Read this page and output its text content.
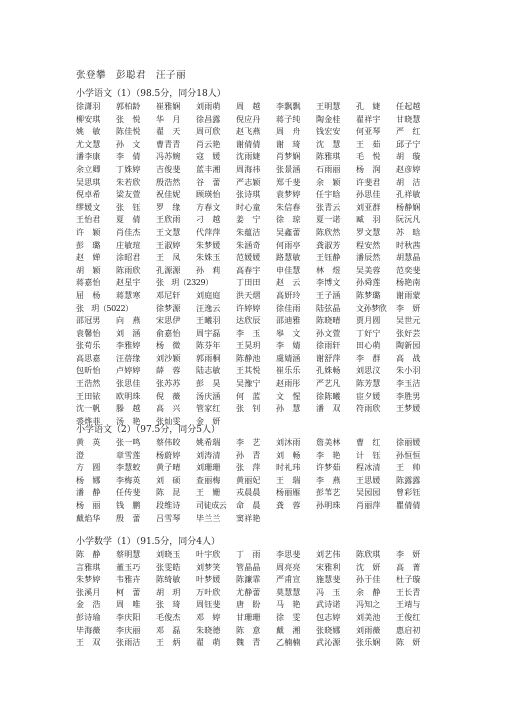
张登攀　彭聪君　汪子丽
小学语文（1）（98.5分，同分18人）
徐潇羽	郭柏龄	崔雅娴	刘雨萌	周　越	李飘飘	王明慧	孔　婕	任起越
柳安琪	张　悦	华　月	徐昌露	倪应丹	蒋子纯	陶金桂	翟祥宇	甘晓慧
姚　敏	陈佳悦	翟　天	周可欣	赵飞燕	周　舟	钱宏安	何亚琴	严　红
尤文慧	孙　文	曹青青	肖云艳	谢倩倩	谢　琦	沈　慧	王　茹	邱子宁
潘李康	李　倩	冯苏婉	寇　媛	沈雨婕	肖梦娴	陈雅琪	毛　悦	胡　璇
余立卿	丁姝婷	吉俊斐	蓝丰湘	周海祎	张景涵	石雨丽	杨　润	赵彦婷
吴思琪	朱若欣	殷浩然	谷　蕾	严志颖	郑千斐	余　颖	许斐君	胡　洁
倪卓希	梁友萱	祝佳妮	顾瑛怡	张诗琪	袁梦婷	任宇晗	孙思佳	孔祥敏
缪媛文	张　钰	罗　缘	方春文	时心童	朱信春	张青云	刘亚群	杨静娴
王怡君	夏　倩	王欣雨	刁　越	姜　宁	徐　琼	夏一诺	臧　羽	阮沅凡
许　颖	肖佳杰	王文慧	代萍萍	朱蕴洁	吴鑫蕾	陈欣然	罗文慧	苏　晗
彭　璐	庄敏瑄	王淑婷	朱梦媛	朱涵奇	何雨亭	龚淑芳	程安然	时秋茜
赵　婵	涂昭君	王　凤	朱姝玉	范媛媛	路慧敏	王钰静	潘辰然	胡慧晶
胡　颖	陈雨欣	孔源源	孙　莉	高春宇	申佳慧	林　煜	吴美蓉	范奕斐
蒋嘉怡	赵星宇	张　玥（2329）	丁田田	赵　云	李博文	孙舜莲	杨艳南
屈　杨	蒋慧寒	邓尼轩	刘庭庭	洪天熠	高妍玲	王子涵	陈梦璐	谢雨蒙
张　玥（5022）	徐梦源	汪逸云	许婷婷	徐佳雨	陆弦晶	文孙梦欣	李　妍
邵冠男	向　燕	宋思伊	王曦羽	达欣辰	邵迪雅	陈晓晴	贾月圆	吴世元
袁馨怡	刘　涵	俞嘉怡	周宇磊	李　玉	皋　文	孙文萱	丁好宁	张好芸
张苟乐	李雅婷	杨　微	陈芬年	王昊玥	李　婧	徐雨轩	田心萌	陶新园
高思嘉	汪蓓缘	刘沙颖	郭雨桐	陈静池	虞婧涵	谢舒萍	李　群	高　战
包昕怡	卢婷婷	薛　蓉	陆志敏	王其悦	崔乐乐	孔姝畅	刘思汶	朱小羽
王浩然	张思佳	张苏苏	彭　昊	吴豫宁	赵雨彤	严艺凡	陈芳慧	李玉洁
王田铱	欧明珠	倪　薇	汤庆涵	何　蓝	文　惺	徐陈曦	宦夕媛	李胜男
沈一帆	滕　越	高　兴	管家红	张　钊	孙　慧	潘　双	符雨欣	王梦媛
裘烨菲	汤　艳	张灿雯	金　妍
小学语文（2）（97.5分，同分5人）
黄　英	张一鸣	蔡伟皎	姚希瑞	李　艺	刘沐雨	詹美林	曹　红	徐丽媛
澄	章雪莲	杨蔚婷	刘涛清	孙　青	刘　畅	李　艳	计　钰	孙恒恒
方　圆	李慧蛟	黄子晴	刘珊珊	张　萍	时礼玮	许梦茹	程冰清	王　帅
杨　娜	李梅英	刘　硕	查丽梅	黄丽妃	王　瑞	李　燕	王思媛	陈露露
潘　静	任传斐	陈　昆	王　姗	戎晨晨	杨丽雁	彭苇艺	吴园园	曾彩钰
杨　丽	钱　鹏	段维诗	司徒成云	命　晨	龚　蓉	孙明珠	肖丽萍	瞿倩倩
戴焰华	殷　蕾	吕雪琴	毕兰兰	窦祥艳
小学数学（1）（91.5分，同分4人）
陈　静	蔡明慧	刘晓玉	叶宇欣	丁　雨	李思斐	刘艺伟	陈欣琪	李　妍
言雅琪	董玉巧	张雯皓	刘梦笑	管晶晶	周亮亮	宋雅利	沈　妍	高　菁
朱梦婷	韦雅卉	陈绮敏	叶梦媛	陈濂霏	严甫宣	施慧斐	孙于佳	杜子璇
张溪月	柯　蕾	胡　玥	万叶欣	尤静蕾	莫慧慧	冯　玉	余　静	王长青
金　浩	周　唯	张　琦	周钰斐	唐　盼	马　艳	武诗诺	冯知之	王靖与
彭诗瑜	李庆阳	毛俊杰	邓　婷	甘珊珊	徐　雯	包志婷	刘美池	王俊红
毕海薇	李庆丽	邓　磊	朱晓德	陈　意	戴　湘	张晓娜	刘雨薇	惠启初
王　双	张雨洁	王　炳	翟　萌	魏　青	乙楠楠	武沁源	张乐娴	陈　妍
